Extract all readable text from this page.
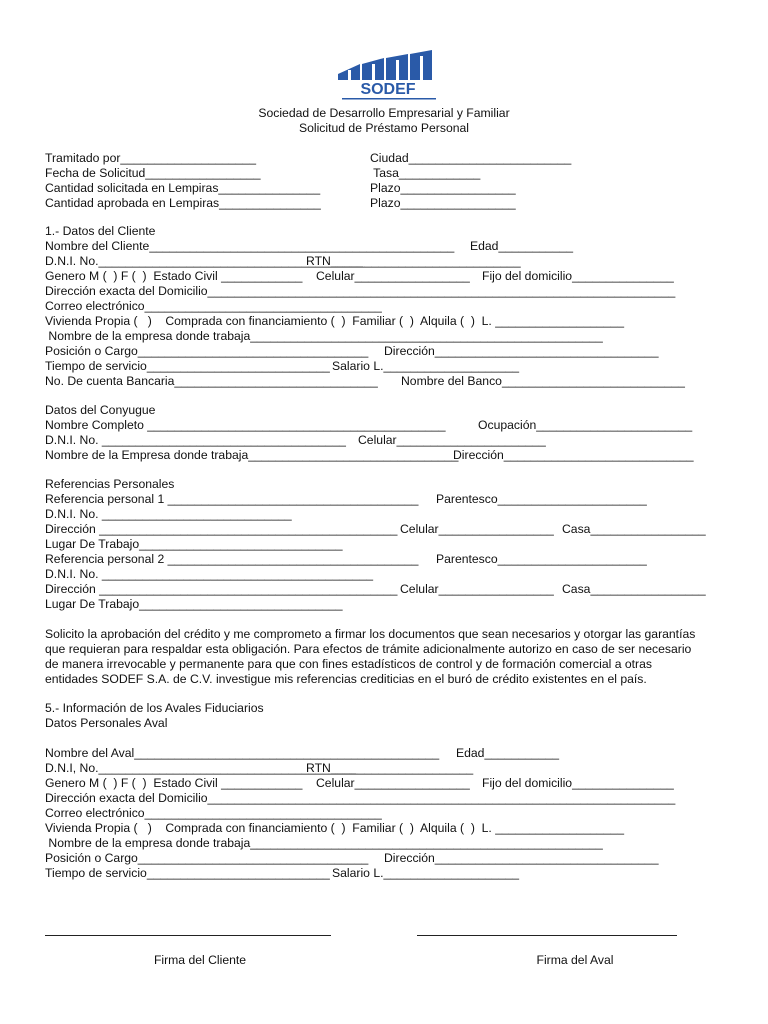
SODEF
Sociedad de Desarrollo Empresarial y Familiar
Solicitud de Préstamo Personal
Tramitado por____________________
Fecha de Solicitud_________________
Cantidad solicitada en Lempiras_______________
Cantidad aprobada en Lempiras_______________
Ciudad________________________
Tasa____________
Plazo_________________
Plazo_________________
1.- Datos del Cliente
Nombre del Cliente_____________________________________________ Edad___________
D.N.I. No._______________________________________
RTN____________________________
Genero M (  ) F (  )  Estado Civil ____________ Celular_________________ Fijo del domicilio_______________
Dirección exacta del Domicilio_____________________________________________________________________
Correo electrónico___________________________________
Vivienda Propia (   )    Comprada con financiamiento (  )  Familiar (  )  Alquila (  )  L. ___________________
Nombre de la empresa donde trabaja____________________________________________________
Posición o Cargo__________________________________ Dirección_________________________________
Tiempo de servicio___________________________ Salario L.____________________
No. De cuenta Bancaria______________________________ Nombre del Banco___________________________
Datos del Conyugue
Nombre Completo ____________________________________________	Ocupación_______________________
D.N.I. No. ____________________________________ Celular______________________
Nombre de la Empresa donde trabaja_______________________________
Dirección____________________________
Referencias Personales
Referencia personal 1 _____________________________________ Parentesco______________________
D.N.I. No. ____________________________
Dirección ____________________________________________ Celular_________________ Casa_________________
Lugar De Trabajo______________________________
Referencia personal 2 _____________________________________ Parentesco______________________
D.N.I. No. ________________________________________
Dirección ____________________________________________ Celular_________________ Casa_________________
Lugar De Trabajo______________________________
Solicito la aprobación del crédito y me comprometo a firmar los documentos que sean necesarios y otorgar las garantías
que requieran para respaldar esta obligación. Para efectos de trámite adicionalmente autorizo en caso de ser necesario
de manera irrevocable y permanente para que con fines estadísticos de control y de formación comercial a otras
entidades SODEF S.A. de C.V. investigue mis referencias crediticias en el buró de crédito existentes en el país.
5.- Información de los Avales Fiduciarios
Datos Personales Aval
Nombre del Aval_____________________________________________ Edad___________
D.N.I, No.______________________________________
RTN_____________________
Genero M (  ) F (  )  Estado Civil ____________ Celular_________________ Fijo del domicilio_______________
Dirección exacta del Domicilio_____________________________________________________________________
Correo electrónico___________________________________
Vivienda Propia (   )    Comprada con financiamiento (  )  Familiar (  )  Alquila (  )  L. ___________________
Nombre de la empresa donde trabaja____________________________________________________
Posición o Cargo__________________________________ Dirección_________________________________
Tiempo de servicio___________________________ Salario L.____________________
Firma del Cliente	Firma del Aval
